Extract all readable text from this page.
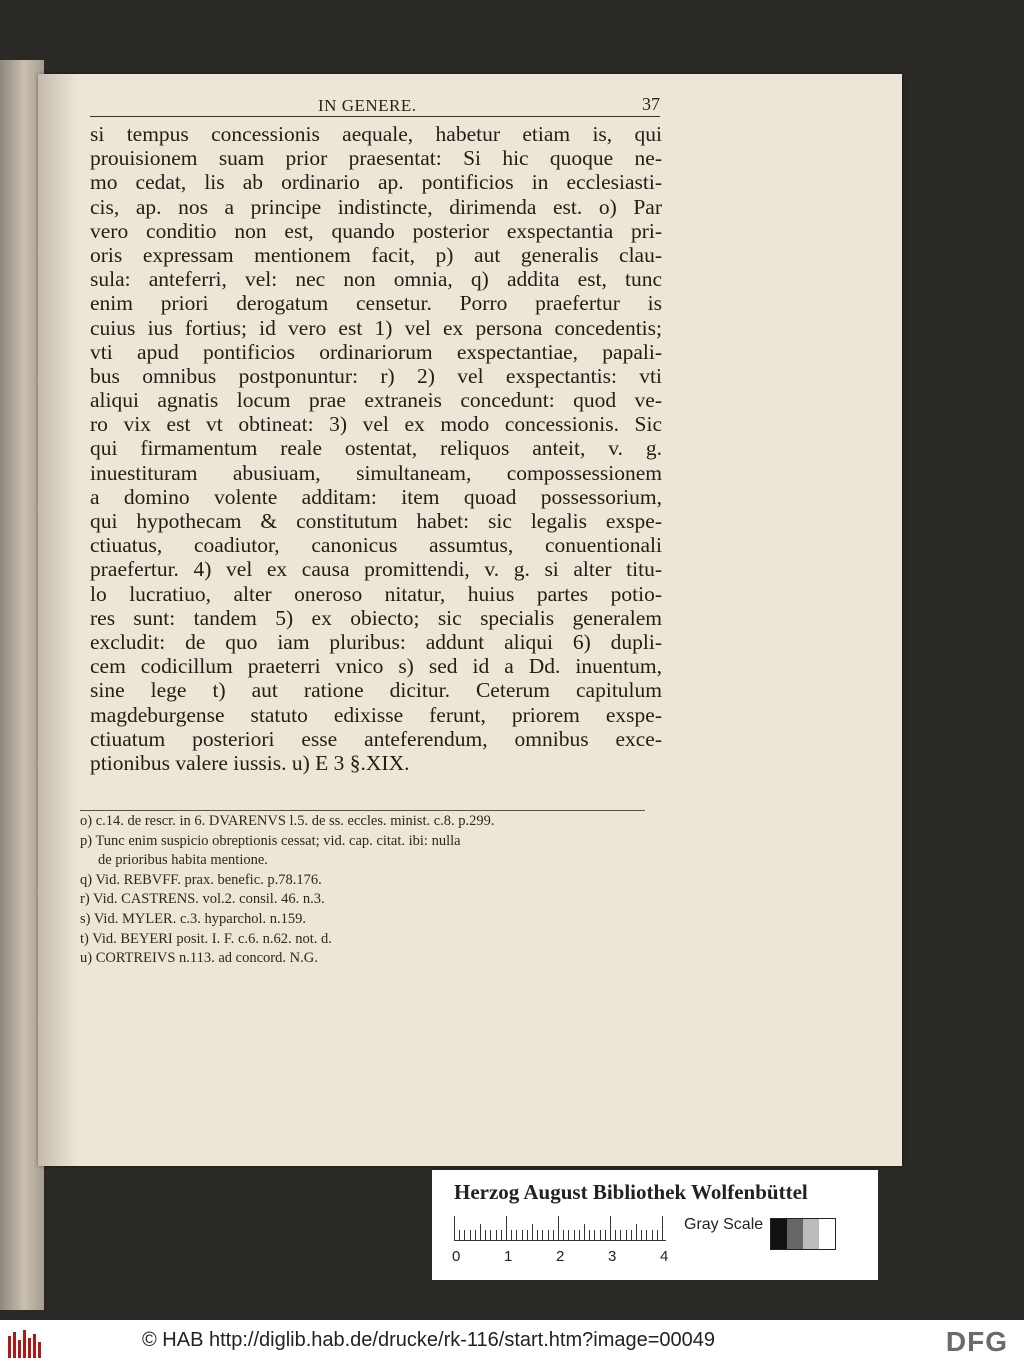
IN GENERE.	37
si tempus concessionis aequale, habetur etiam is, qui
prouisionem suam prior praesentat: Si hic quoque ne-
mo cedat, lis ab ordinario ap. pontificios in ecclesiasti-
cis, ap. nos a principe indistincte, dirimenda est. o) Par
vero conditio non est, quando posterior exspectantia pri-
oris expressam mentionem facit, p) aut generalis clau-
sula: anteferri, vel: nec non omnia, q) addita est, tunc
enim priori derogatum censetur. Porro praefertur is
cuius ius fortius; id vero est 1) vel ex persona concedentis;
vti apud pontificios ordinariorum exspectantiae, papali-
bus omnibus postponuntur: r) 2) vel exspectantis: vti
aliqui agnatis locum prae extraneis concedunt: quod ve-
ro vix est vt obtineat: 3) vel ex modo concessionis. Sic
qui firmamentum reale ostentat, reliquos anteit, v. g.
inuestituram abusiuam, simultaneam, compossessionem
a domino volente additam: item quoad possessorium,
qui hypothecam & constitutum habet: sic legalis exspe-
ctiuatus, coadiutor, canonicus assumtus, conuentionali
praefertur. 4) vel ex causa promittendi, v. g. si alter titu-
lo lucratiuo, alter oneroso nitatur, huius partes potio-
res sunt: tandem 5) ex obiecto; sic specialis generalem
excludit: de quo iam pluribus: addunt aliqui 6) dupli-
cem codicillum praeterri vnico s) sed id a Dd. inuentum,
sine lege t) aut ratione dicitur. Ceterum capitulum
magdeburgense statuto edixisse ferunt, priorem exspe-
ctiuatum posteriori esse anteferendum, omnibus exce-
ptionibus valere iussis. u) E 3 §.XIX.
o) c.14. de rescr. in 6. DVARENVS l.5. de ss. eccles. minist. c.8. p.299.
p) Tunc enim suspicio obreptionis cessat; vid. cap. citat. ibi: nulla
de prioribus habita mentione.
q) Vid. REBVFF. prax. benefic. p.78.176.
r) Vid. CASTRENS. vol.2. consil. 46. n.3.
s) Vid. MYLER. c.3. hyparchol. n.159.
t) Vid. BEYERI posit. I. F. c.6. n.62. not. d.
u) CORTREIVS n.113. ad concord. N.G.
Herzog August Bibliothek Wolfenbüttel
0	1	2	3	4
Gray Scale
© HAB http://diglib.hab.de/drucke/rk-116/start.htm?image=00049	DFG
